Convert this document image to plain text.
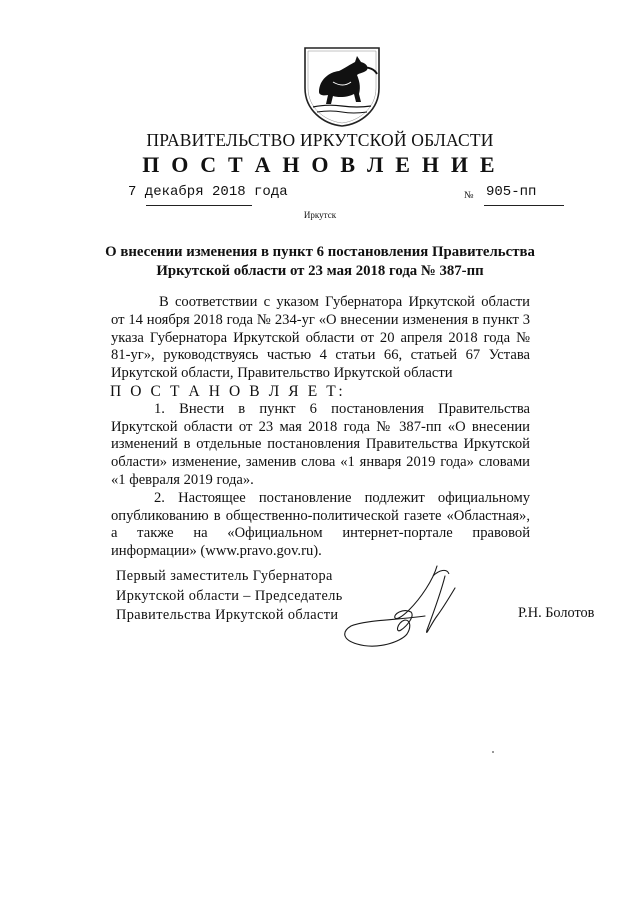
ПРАВИТЕЛЬСТВО ИРКУТСКОЙ ОБЛАСТИ
П О С Т А Н О В Л Е Н И Е
7 декабря 2018 года	№ 905-пп
Иркутск
О внесении изменения в пункт 6 постановления Правительства
Иркутской области от 23 мая 2018 года № 387-пп

В соответствии с указом Губернатора Иркутской области от 14 ноября 2018 года № 234-уг «О внесении изменения в пункт 3 указа Губернатора Иркутской области от 20 апреля 2018 года № 81-уг», руководствуясь частью 4 статьи 66, статьей 67 Устава Иркутской области, Правительство Иркутской области

П О С Т А Н О В Л Я Е Т:

1. Внести в пункт 6 постановления Правительства Иркутской области от 23 мая 2018 года № 387-пп «О внесении изменений в отдельные постановления Правительства Иркутской области» изменение, заменив слова «1 января 2019 года» словами «1 февраля 2019 года».

2. Настоящее постановление подлежит официальному опубликованию в общественно-политической газете «Областная», а также на «Официальном интернет-портале правовой информации» (www.pravo.gov.ru).

Первый заместитель Губернатора
Иркутской области – Председатель
Правительства Иркутской области	Р.Н. Болотов
